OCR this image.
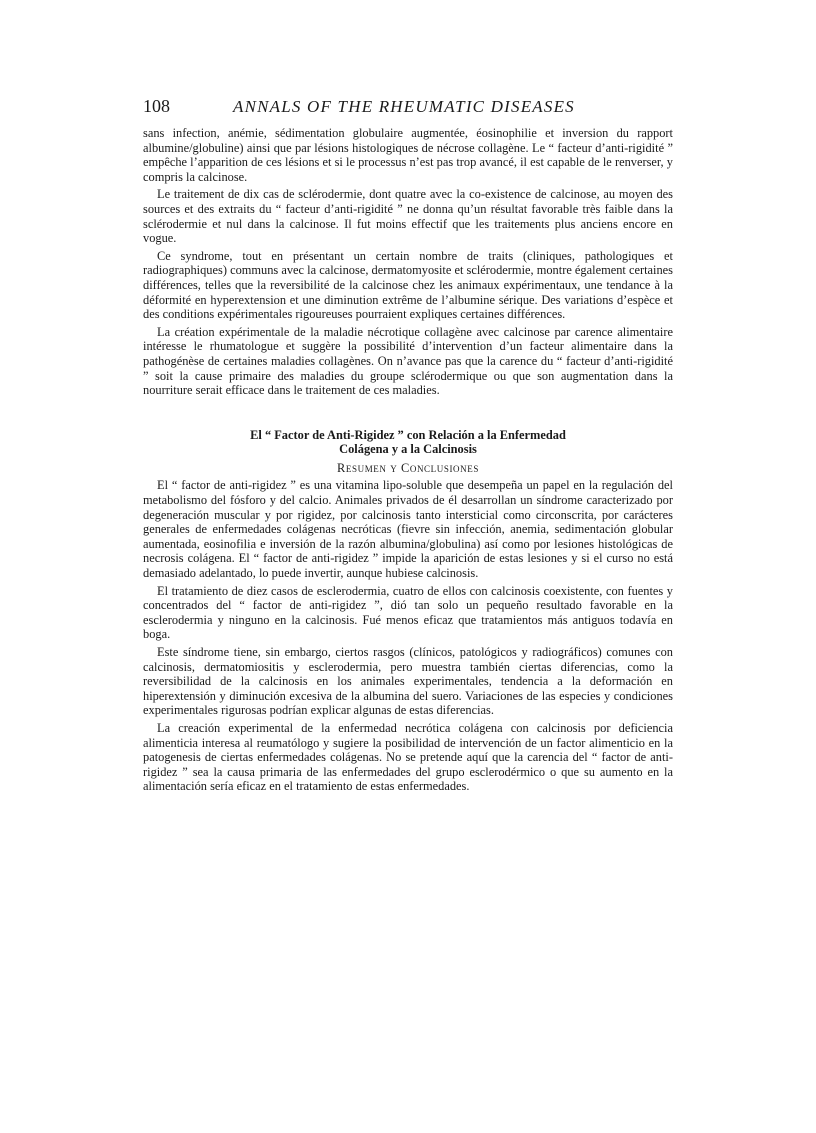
108	ANNALS OF THE RHEUMATIC DISEASES

sans infection, anémie, sédimentation globulaire augmentée, éosinophilie et inversion du rapport albumine/globuline) ainsi que par lésions histologiques de nécrose collagène. Le “ facteur d’anti-rigidité ” empêche l’apparition de ces lésions et si le processus n’est pas trop avancé, il est capable de le renverser, y compris la calcinose.

Le traitement de dix cas de sclérodermie, dont quatre avec la co-existence de calcinose, au moyen des sources et des extraits du “ facteur d’anti-rigidité ” ne donna qu’un résultat favorable très faible dans la sclérodermie et nul dans la calcinose. Il fut moins effectif que les traitements plus anciens encore en vogue.

Ce syndrome, tout en présentant un certain nombre de traits (cliniques, pathologiques et radiographiques) communs avec la calcinose, dermatomyosite et sclérodermie, montre également certaines différences, telles que la reversibilité de la calcinose chez les animaux expérimentaux, une tendance à la déformité en hyperextension et une diminution extrême de l’albumine sérique. Des variations d’espèce et des conditions expérimentales rigoureuses pourraient expliques certaines différences.

La création expérimentale de la maladie nécrotique collagène avec calcinose par carence alimentaire intéresse le rhumatologue et suggère la possibilité d’intervention d’un facteur alimentaire dans la pathogénèse de certaines maladies collagènes. On n’avance pas que la carence du “ facteur d’anti-rigidité ” soit la cause primaire des maladies du groupe sclérodermique ou que son augmentation dans la nourriture serait efficace dans le traitement de ces maladies.

El “ Factor de Anti-Rigidez ” con Relación a la Enfermedad
Colágena y a la Calcinosis
Resumen y Conclusiones

El “ factor de anti-rigidez ” es una vitamina lipo-soluble que desempeña un papel en la regulación del metabolismo del fósforo y del calcio. Animales privados de él desarrollan un síndrome caracterizado por degeneración muscular y por rigidez, por calcinosis tanto intersticial como circonscrita, por carácteres generales de enfermedades colágenas necróticas (fievre sin infección, anemia, sedimentación globular aumentada, eosinofilia e inversión de la razón albumina/globulina) así como por lesiones histológicas de necrosis colágena. El “ factor de anti-rigidez ” impide la aparición de estas lesiones y si el curso no está demasiado adelantado, lo puede invertir, aunque hubiese calcinosis.

El tratamiento de diez casos de esclerodermia, cuatro de ellos con calcinosis coexistente, con fuentes y concentrados del “ factor de anti-rigidez ”, dió tan solo un pequeño resultado favorable en la esclerodermia y ninguno en la calcinosis. Fué menos eficaz que tratamientos más antiguos todavía en boga.

Este síndrome tiene, sin embargo, ciertos rasgos (clínicos, patológicos y radiográficos) comunes con calcinosis, dermatomiositis y esclerodermia, pero muestra también ciertas diferencias, como la reversibilidad de la calcinosis en los animales experimentales, tendencia a la deformación en hiperextensión y diminución excesiva de la albumina del suero. Variaciones de las especies y condiciones experimentales rigurosas podrían explicar algunas de estas diferencias.

La creación experimental de la enfermedad necrótica colágena con calcinosis por deficiencia alimenticia interesa al reumatólogo y sugiere la posibilidad de intervención de un factor alimenticio en la patogenesis de ciertas enfermedades colágenas. No se pretende aquí que la carencia del “ factor de anti-rigidez ” sea la causa primaria de las enfermedades del grupo esclerodérmico o que su aumento en la alimentación sería eficaz en el tratamiento de estas enfermedades.
